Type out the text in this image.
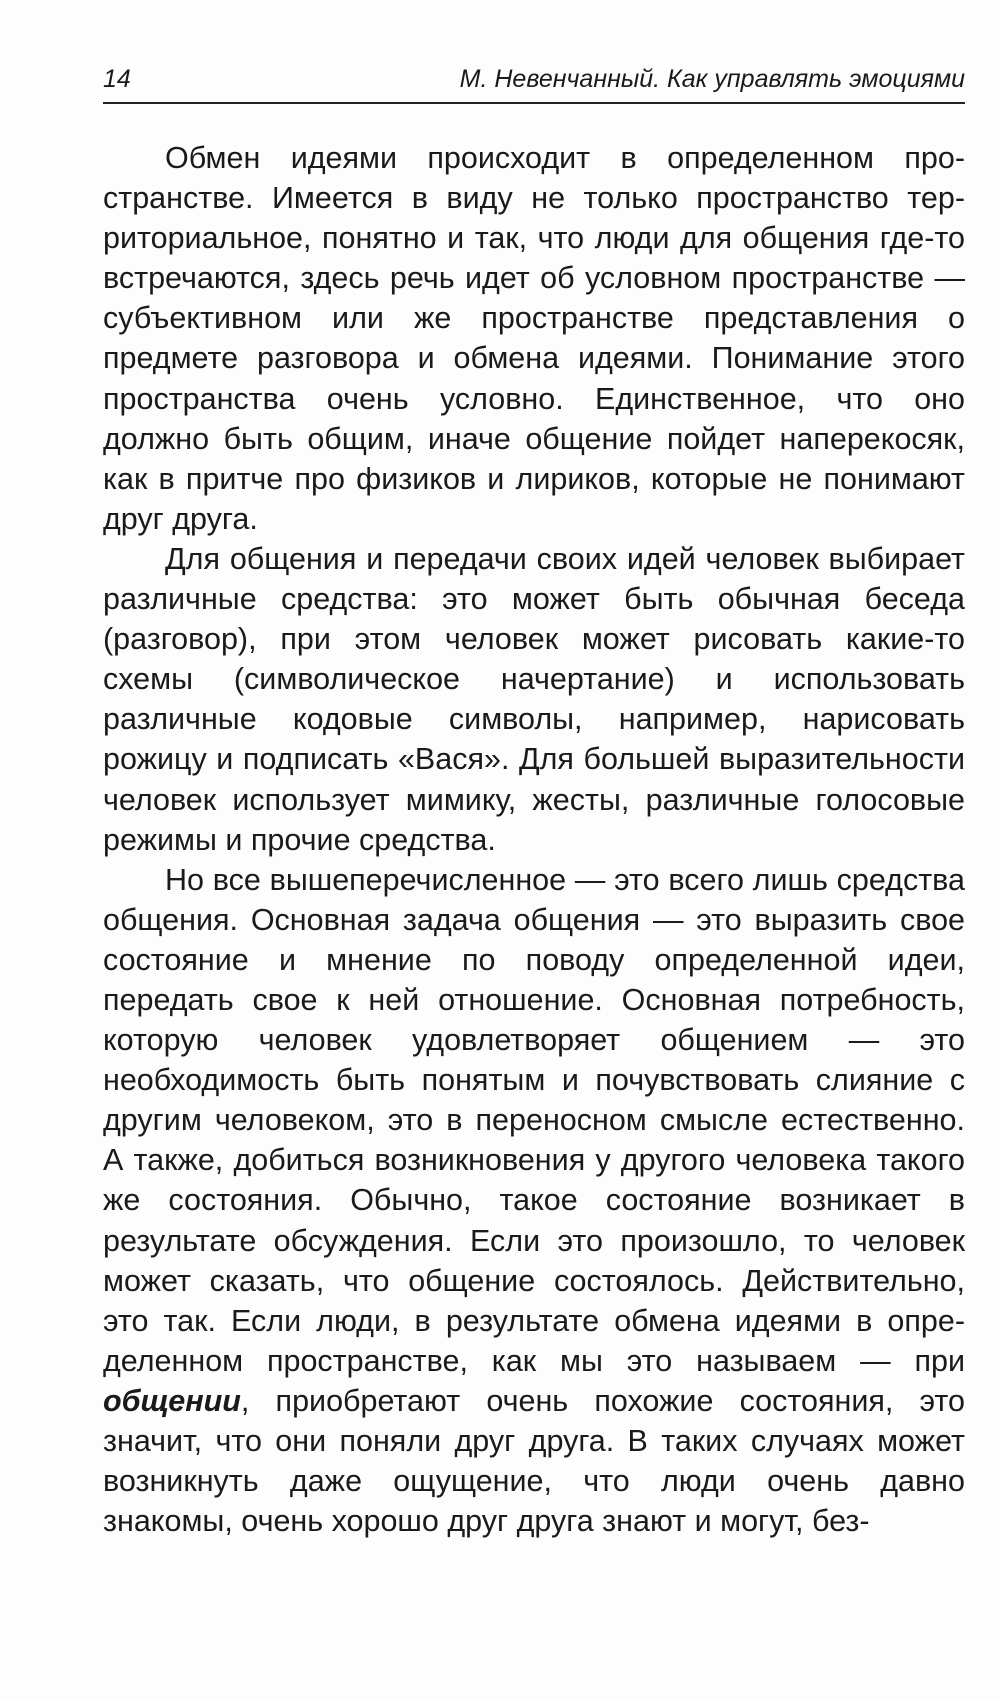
14	М. Невенчанный. Как управлять эмоциями

Обмен идеями происходит в определенном пространстве. Имеется в виду не только пространство территориальное, понятно и так, что люди для общения где-то встречаются, здесь речь идет об условном пространстве — субъективном или же пространстве представления о предмете разговора и обмена идеями. Понимание этого пространства очень условно. Единственное, что оно должно быть общим, иначе общение пойдет наперекосяк, как в притче про физиков и лириков, которые не понимают друг друга.

Для общения и передачи своих идей человек выбирает различные средства: это может быть обычная беседа (разговор), при этом человек может рисовать какие-то схемы (символическое начертание) и использовать различные кодовые символы, например, нарисовать рожицу и подписать «Вася». Для большей выразительности человек использует мимику, жесты, различные голосовые режимы и прочие средства.

Но все вышеперечисленное — это всего лишь средства общения. Основная задача общения — это выразить свое состояние и мнение по поводу определенной идеи, передать свое к ней отношение. Основная потребность, которую человек удовлетворяет общением — это необходимость быть понятым и почувствовать слияние с другим человеком, это в переносном смысле естественно. А также, добиться возникновения у другого человека такого же состояния. Обычно, такое состояние возникает в результате обсуждения. Если это произошло, то человек может сказать, что общение состоялось. Действительно, это так. Если люди, в результате обмена идеями в определенном пространстве, как мы это называем — при общении, приобретают очень похожие состояния, это значит, что они поняли друг друга. В таких случаях может возникнуть даже ощущение, что люди очень давно знакомы, очень хорошо друг друга знают и могут, без-
